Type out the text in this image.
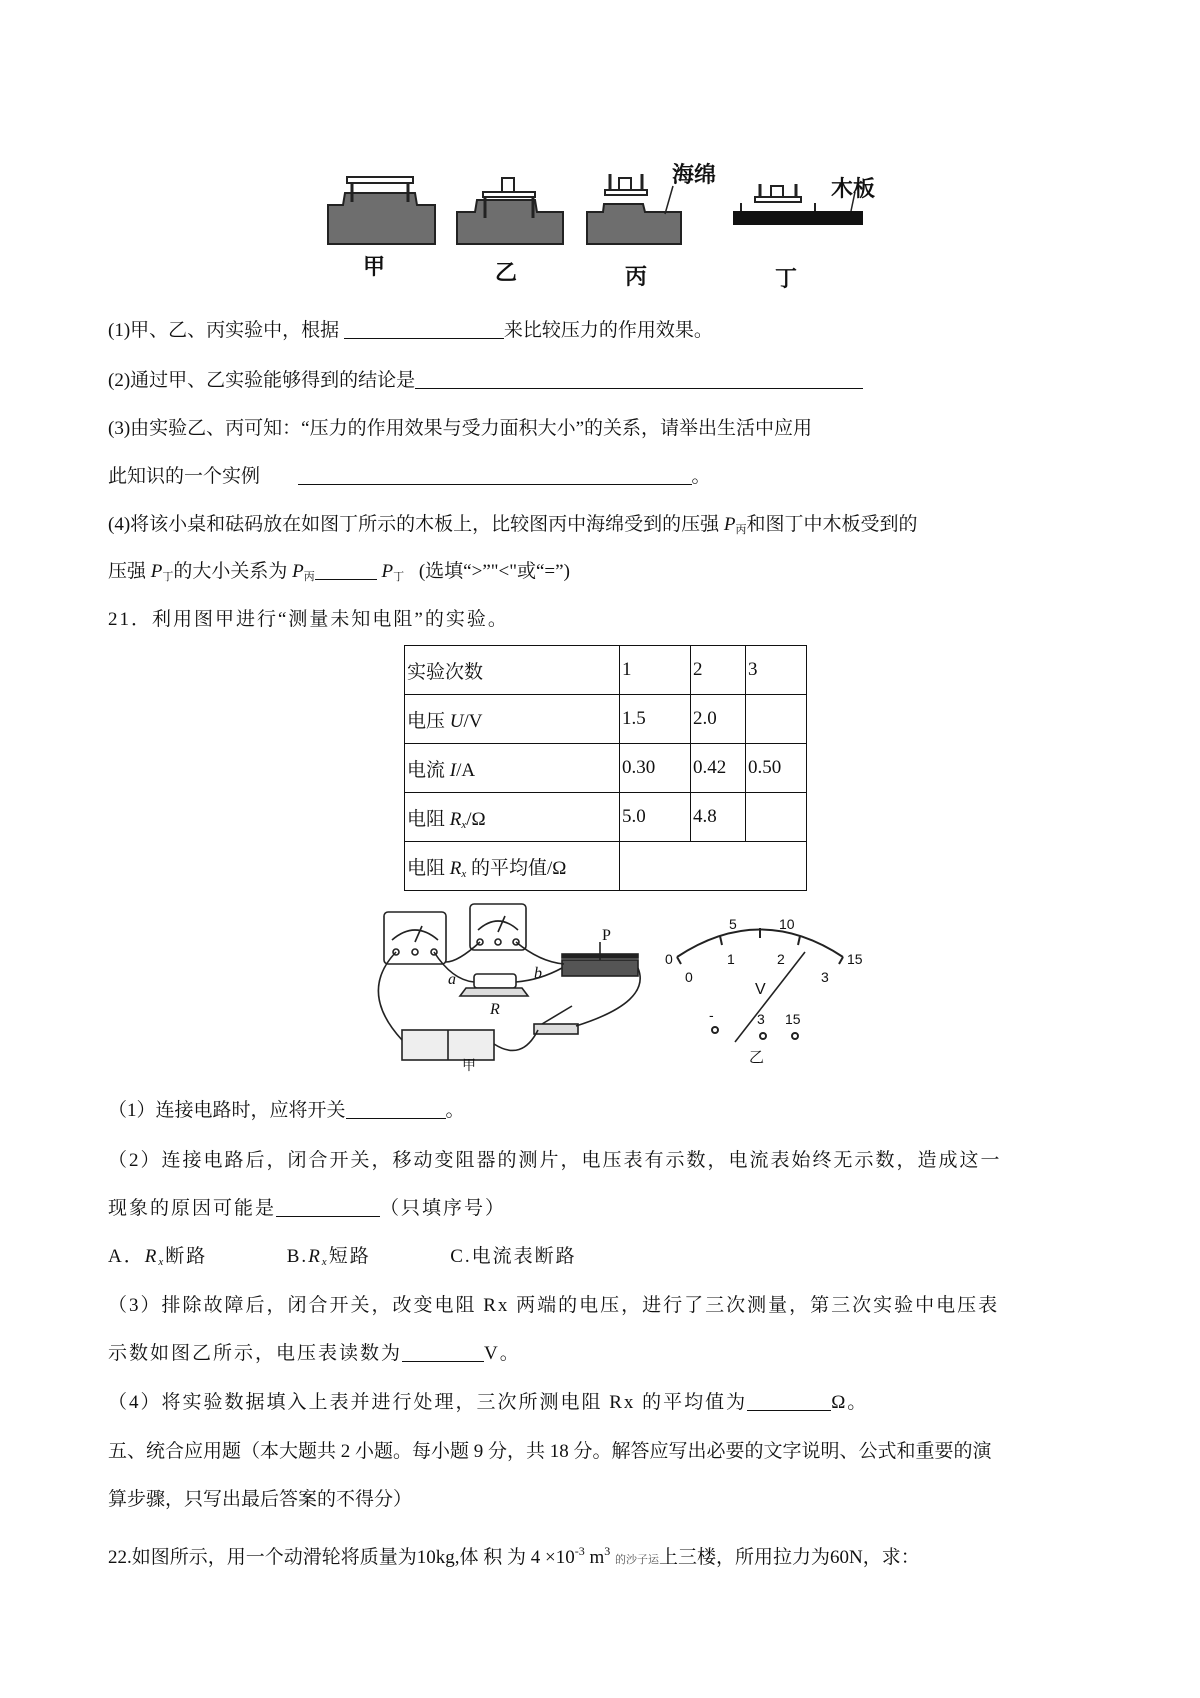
甲	乙	丙	丁
海绵
木板
(1)甲、乙、丙实验中，根据	来比较压力的作用效果。
(2)通过甲、乙实验能够得到的结论是
(3)由实验乙、丙可知：“压力的作用效果与受力面积大小”的关系，请举出生活中应用
此知识的一个实例	。
(4)将该小桌和砝码放在如图丁所示的木板上，比较图丙中海绵受到的压强 $P_丙$和图丁中木板受到的
压强 $P_丁$的大小关系为 $P_丙$	$P_丁$ (选填“>”"<"或“=”)
21．利用图甲进行“测量未知电阻”的实验。
实验次数	1	2	3
电压 U/V	1.5	2.0	
电流 I/A	0.30	0.42	0.50
电阻 $R_x/\Omega$	5.0	4.8	
电阻 $R_x$ 的平均值/Ω			
a	b
R
P
甲
0
5	10
15
0
1	2
3
V
-	3 15
乙
（1）连接电路时，应将开关	。
（2）连接电路后，闭合开关，移动变阻器的测片，电压表有示数，电流表始终无示数，造成这一
现象的原因可能是	（只填序号）
A．$R_x$断路	$B.R_x$短路	C.电流表断路
（3）排除故障后，闭合开关，改变电阻 Rx 两端的电压，进行了三次测量，第三次实验中电压表
示数如图乙所示，电压表读数为	V。
（4）将实验数据填入上表并进行处理，三次所测电阻 Rx 的平均值为	Ω。
五、统合应用题（本大题共 2 小题。每小题 9 分，共 18 分。解答应写出必要的文字说明、公式和重要的演
算步骤，只写出最后答案的不得分）
22.如图所示，用一个动滑轮将质量为10kg,体 积 为 $4 \times 10^{-3}$ $m^3$ 的沙子运上三楼，所用拉力为60N，求：
